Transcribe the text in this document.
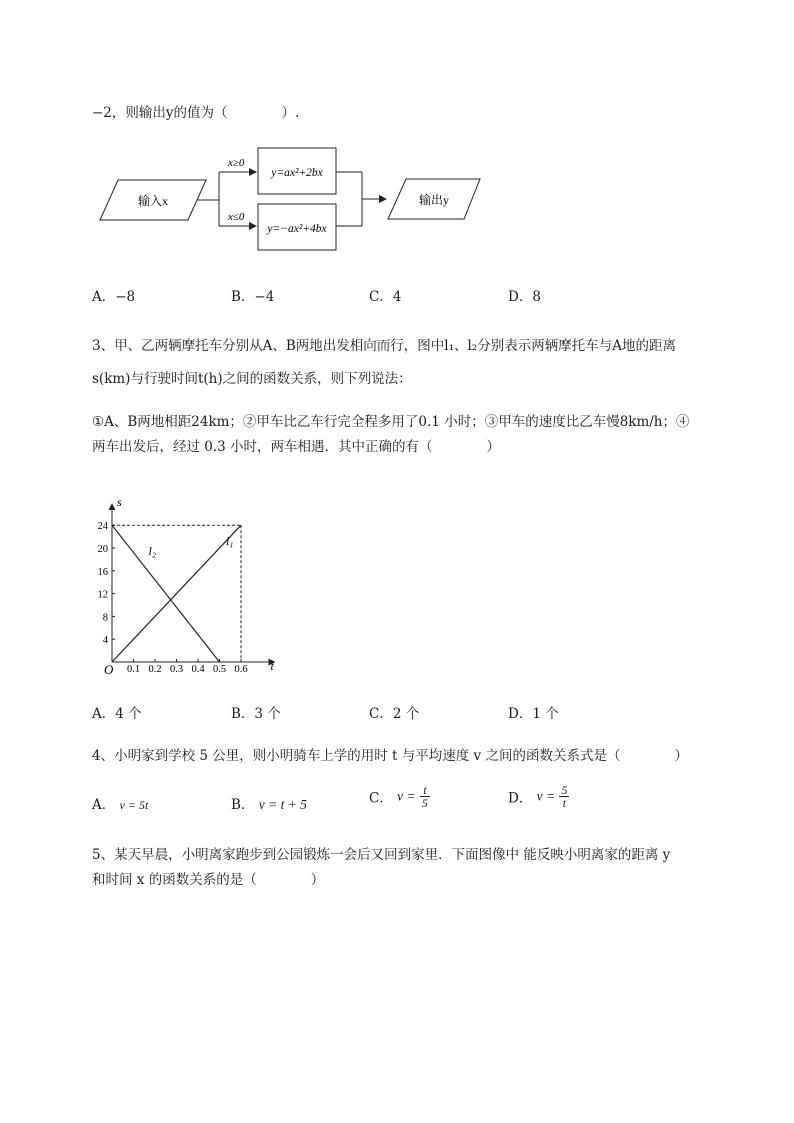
−2，则输出y的值为（　　　　）.
输入x
x≥0
x≤0
y=ax²+2bx
y=−ax²+4bx
输出y
A．−8	B．−4	C．4	D．8
3、甲、乙两辆摩托车分别从A、B两地出发相向而行，图中l₁、l₂分别表示两辆摩托车与A地的距离
s(km)与行驶时间t(h)之间的函数关系，则下列说法：
①A、B两地相距24km；②甲车比乙车行完全程多用了0.1 小时；③甲车的速度比乙车慢8km/h；④
两车出发后，经过 0.3 小时，两车相遇．其中正确的有（　　　　）
t
s
O 0.1 0.2 0.3 0.4 0.5 0.6
4
8
12
16
20
24
l₁
l₂
A．4 个	B．3 个	C．2 个	D．1 个
4、小明家到学校 5 公里，则小明骑车上学的用时 t 与平均速度 v 之间的函数关系式是（　　　　）
A． v = 5t	B． v = t + 5	C． $v = \frac{t}{5}$	D． $v = \frac{5}{t}$
5、某天早晨，小明离家跑步到公园锻炼一会后又回到家里．下面图像中 能反映小明离家的距离 y
和时间 x 的函数关系的是（　　　　）
